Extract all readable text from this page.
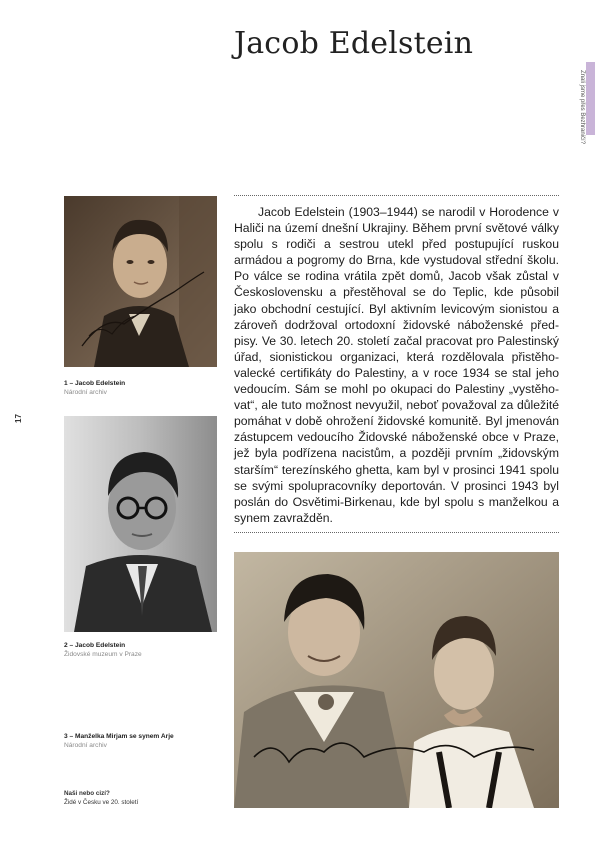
Jacob Edelstein
Znali jsme přes Bezhraničí?
17

Jacob Edelstein (1903–1944) se narodil v Horodence v Haliči na území dnešní Ukrajiny. Během první světové války spolu s rodiči a sestrou utekl před postupující ruskou armádou a pogromy do Brna, kde vystudoval střední školu. Po válce se rodina vrátila zpět domů, Jacob však zůstal v Československu a přestěhoval se do Teplic, kde působil jako obchodní cestující. Byl aktivním levicovým sionistou a zároveň dodržoval ortodoxní židovské náboženské předpisy. Ve 30. letech 20. století začal pracovat pro Palestinský úřad, sionistickou organizaci, která rozdělovala přistěhovalecké certifikáty do Palestiny, a v roce 1934 se stal jeho vedoucím. Sám se mohl po okupaci do Palestiny „vystěhovat“, ale tuto možnost nevyužil, neboť považoval za důležité pomáhat v době ohrožení židovské komunitě. Byl jmenován zástupcem vedoucího Židovské náboženské obce v Praze, jež byla podřízena nacistům, a později prvním „židovským starším“ terezínského ghetta, kam byl v prosinci 1941 spolu se svými spolupracovníky deportován. V prosinci 1943 byl poslán do Osvětimi-Birkenau, kde byl spolu s manželkou a synem zavražděn.

1 – Jacob Edelstein
Národní archiv
2 – Jacob Edelstein
Židovské muzeum v Praze
3 – Manželka Mirjam se synem Arje
Národní archiv
Naši nebo cizí?
Židé v Česku ve 20. století
